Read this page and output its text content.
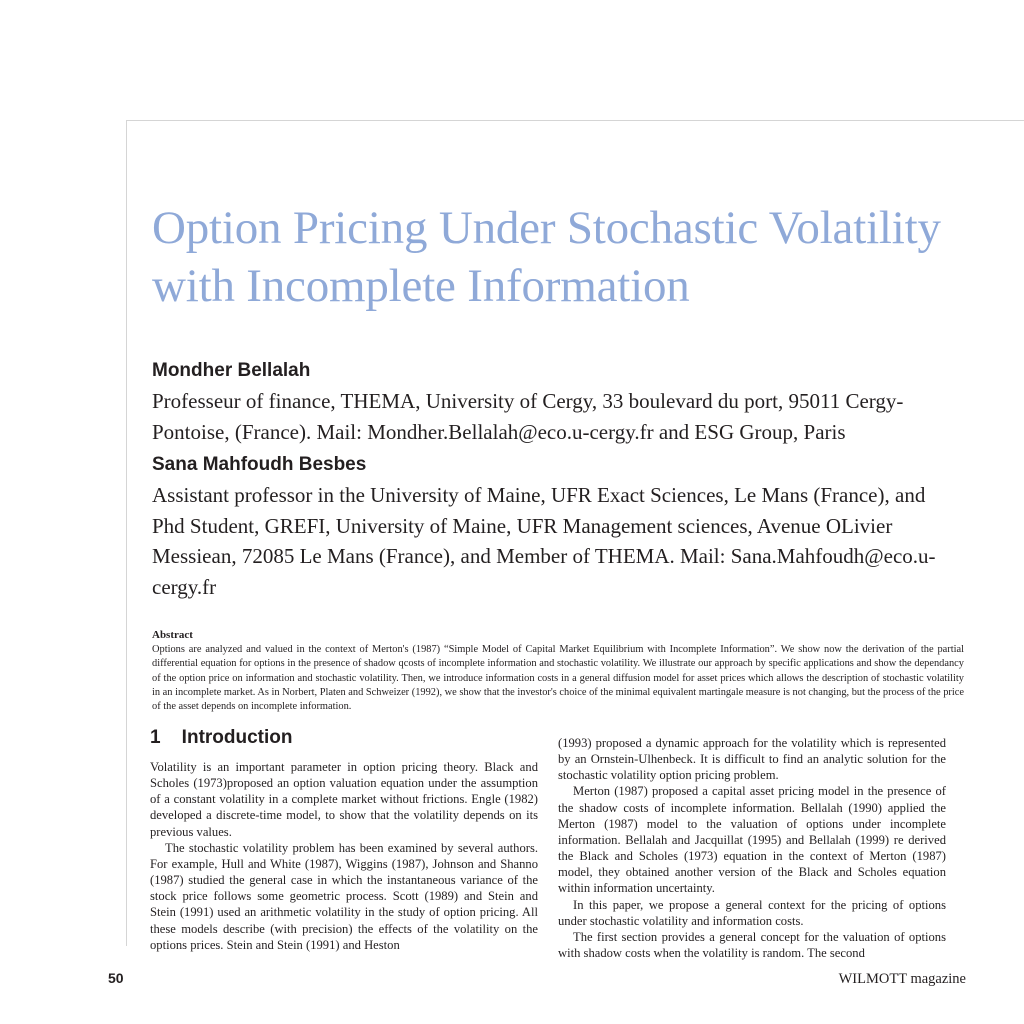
Option Pricing Under Stochastic Volatility with Incomplete Information

Mondher Bellalah

Professeur of finance, THEMA, University of Cergy, 33 boulevard du port, 95011 Cergy-Pontoise, (France). Mail: Mondher.Bellalah@eco.u-cergy.fr and ESG Group, Paris

Sana Mahfoudh Besbes

Assistant professor in the University of Maine, UFR Exact Sciences, Le Mans (France), and Phd Student, GREFI, University of Maine, UFR Management sciences, Avenue OLivier Messiean, 72085 Le Mans (France), and Member of THEMA. Mail: Sana.Mahfoudh@eco.u-cergy.fr

Abstract

Options are analyzed and valued in the context of Merton's (1987) “Simple Model of Capital Market Equilibrium with Incomplete Information”. We show now the derivation of the partial differential equation for options in the presence of shadow qcosts of incomplete information and stochastic volatility. We illustrate our approach by specific applications and show the dependancy of the option price on information and stochastic volatility. Then, we introduce information costs in a general diffusion model for asset prices which allows the description of stochastic volatility in an incomplete market. As in Norbert, Platen and Schweizer (1992), we show that the investor's choice of the minimal equivalent martingale measure is not changing, but the process of the price of the asset depends on incomplete information.

1    Introduction

Volatility is an important parameter in option pricing theory. Black and Scholes (1973)proposed an option valuation equation under the assumption of a constant volatility in a complete market without frictions. Engle (1982) developed a discrete-time model, to show that the volatility depends on its previous values.

The stochastic volatility problem has been examined by several authors. For example, Hull and White (1987), Wiggins (1987), Johnson and Shanno (1987) studied the general case in which the instantaneous variance of the stock price follows some geometric process. Scott (1989) and Stein and Stein (1991) used an arithmetic volatility in the study of option pricing. All these models describe (with precision) the effects of the volatility on the options prices. Stein and Stein (1991) and Heston

(1993) proposed a dynamic approach for the volatility which is represented by an Ornstein-Ulhenbeck. It is difficult to find an analytic solution for the stochastic volatility option pricing problem.

Merton (1987) proposed a capital asset pricing model in the presence of the shadow costs of incomplete information. Bellalah (1990) applied the Merton (1987) model to the valuation of options under incomplete information. Bellalah and Jacquillat (1995) and Bellalah (1999) re derived the Black and Scholes (1973) equation in the context of Merton (1987) model, they obtained another version of the Black and Scholes equation within information uncertainty.

In this paper, we propose a general context for the pricing of options under stochastic volatility and information costs.

The first section provides a general concept for the valuation of options with shadow costs when the volatility is random. The second

50	WILMOTT magazine
